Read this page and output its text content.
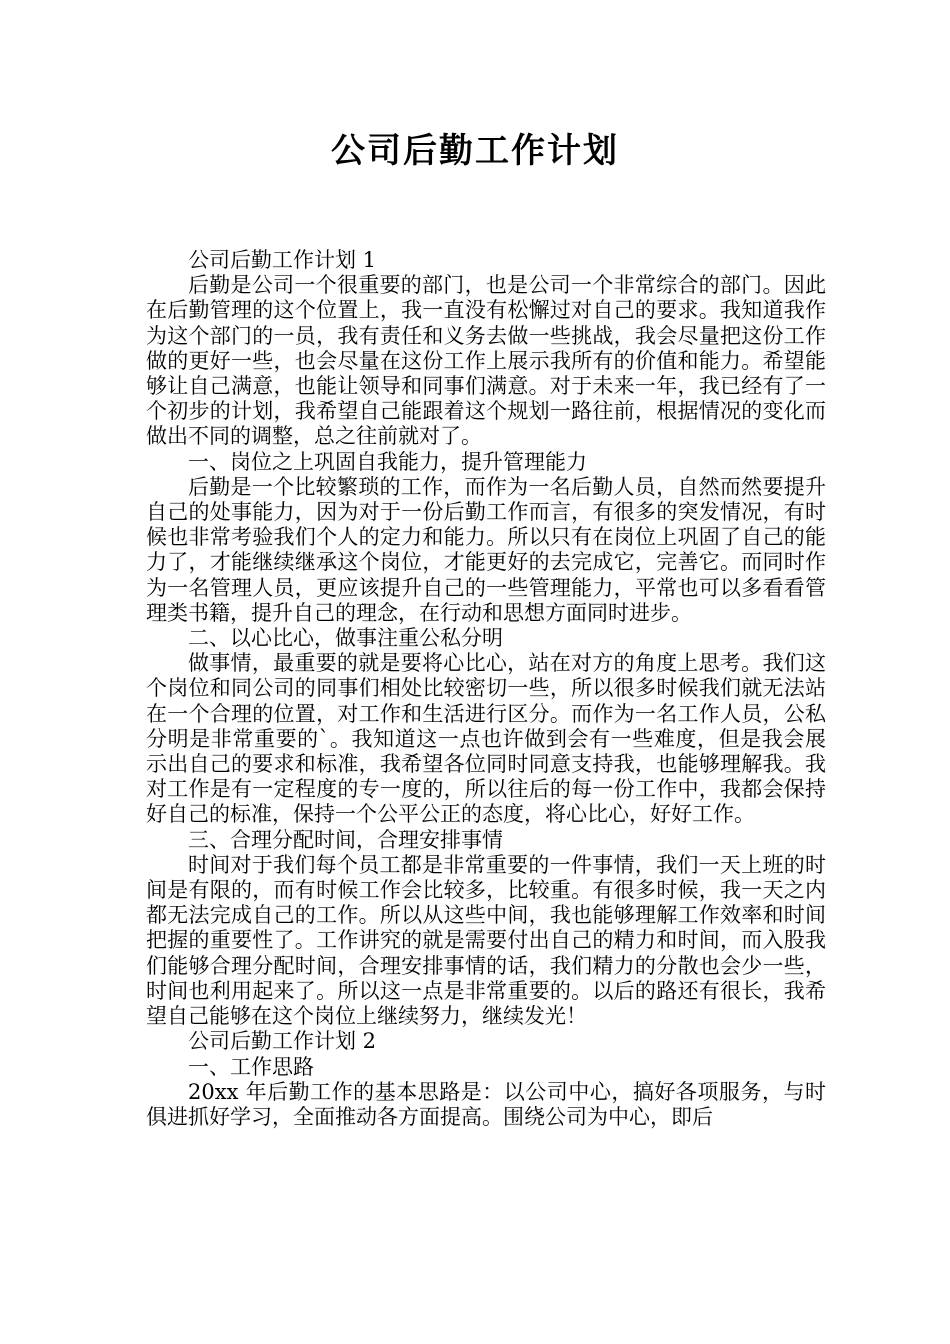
公司后勤工作计划

公司后勤工作计划 1

后勤是公司一个很重要的部门，也是公司一个非常综合的部门。因此在后勤管理的这个位置上，我一直没有松懈过对自己的要求。我知道我作为这个部门的一员，我有责任和义务去做一些挑战，我会尽量把这份工作做的更好一些，也会尽量在这份工作上展示我所有的价值和能力。希望能够让自己满意，也能让领导和同事们满意。对于未来一年，我已经有了一个初步的计划，我希望自己能跟着这个规划一路往前，根据情况的变化而做出不同的调整，总之往前就对了。

一、岗位之上巩固自我能力，提升管理能力

后勤是一个比较繁琐的工作，而作为一名后勤人员，自然而然要提升自己的处事能力，因为对于一份后勤工作而言，有很多的突发情况，有时候也非常考验我们个人的定力和能力。所以只有在岗位上巩固了自己的能力了，才能继续继承这个岗位，才能更好的去完成它，完善它。而同时作为一名管理人员，更应该提升自己的一些管理能力，平常也可以多看看管理类书籍，提升自己的理念，在行动和思想方面同时进步。

二、以心比心，做事注重公私分明

做事情，最重要的就是要将心比心，站在对方的角度上思考。我们这个岗位和同公司的同事们相处比较密切一些，所以很多时候我们就无法站在一个合理的位置，对工作和生活进行区分。而作为一名工作人员，公私分明是非常重要的`。我知道这一点也许做到会有一些难度，但是我会展示出自己的要求和标准，我希望各位同时同意支持我，也能够理解我。我对工作是有一定程度的专一度的，所以往后的每一份工作中，我都会保持好自己的标准，保持一个公平公正的态度，将心比心，好好工作。

三、合理分配时间，合理安排事情

时间对于我们每个员工都是非常重要的一件事情，我们一天上班的时间是有限的，而有时候工作会比较多，比较重。有很多时候，我一天之内都无法完成自己的工作。所以从这些中间，我也能够理解工作效率和时间把握的重要性了。工作讲究的就是需要付出自己的精力和时间，而入股我们能够合理分配时间，合理安排事情的话，我们精力的分散也会少一些，时间也利用起来了。所以这一点是非常重要的。以后的路还有很长，我希望自己能够在这个岗位上继续努力，继续发光！

公司后勤工作计划 2

一、工作思路

20xx 年后勤工作的基本思路是：以公司中心，搞好各项服务，与时俱进抓好学习，全面推动各方面提高。围绕公司为中心，即后
